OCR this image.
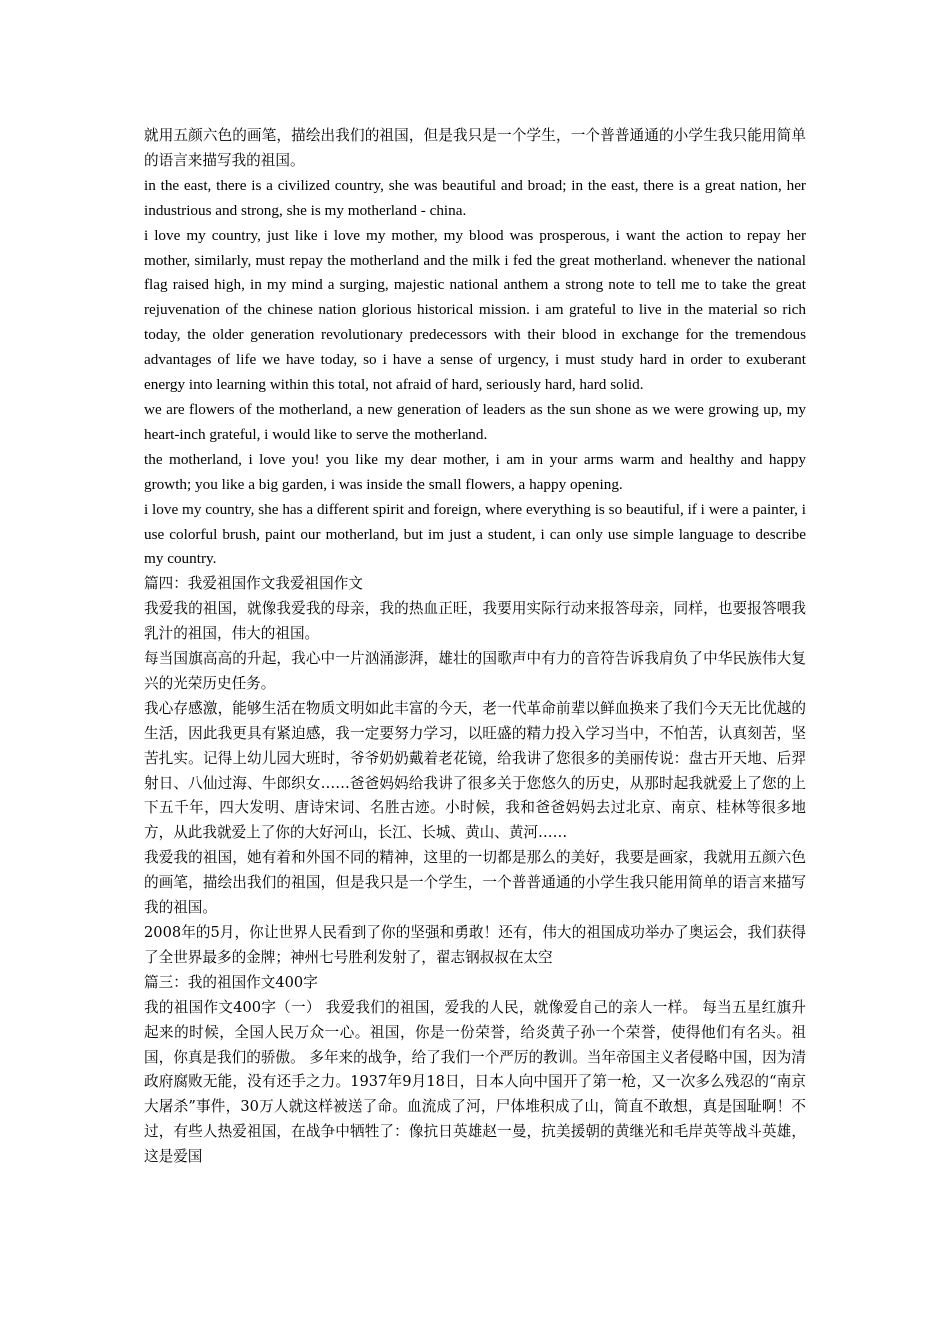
就用五颜六色的画笔，描绘出我们的祖国，但是我只是一个学生，一个普普通通的小学生我只能用简单的语言来描写我的祖国。

in the east, there is a civilized country, she was beautiful and broad; in the east, there is a great nation, her industrious and strong, she is my motherland - china.

i love my country, just like i love my mother, my blood was prosperous, i want the action to repay her mother, similarly, must repay the motherland and the milk i fed the great motherland. whenever the national flag raised high, in my mind a surging, majestic national anthem a strong note to tell me to take the great rejuvenation of the chinese nation glorious historical mission. i am grateful to live in the material so rich today, the older generation revolutionary predecessors with their blood in exchange for the tremendous advantages of life we have today, so i have a sense of urgency, i must study hard in order to exuberant energy into learning within this total, not afraid of hard, seriously hard, hard solid.

we are flowers of the motherland, a new generation of leaders as the sun shone as we were growing up, my heart-inch grateful, i would like to serve the motherland.

the motherland, i love you! you like my dear mother, i am in your arms warm and healthy and happy growth; you like a big garden, i was inside the small flowers, a happy opening.

i love my country, she has a different spirit and foreign, where everything is so beautiful, if i were a painter, i use colorful brush, paint our motherland, but im just a student, i can only use simple language to describe my country.

篇四：我爱祖国作文我爱祖国作文

我爱我的祖国，就像我爱我的母亲，我的热血正旺，我要用实际行动来报答母亲，同样，也要报答喂我乳汁的祖国，伟大的祖国。

每当国旗高高的升起，我心中一片汹涌澎湃，雄壮的国歌声中有力的音符告诉我肩负了中华民族伟大复兴的光荣历史任务。

我心存感激，能够生活在物质文明如此丰富的今天，老一代革命前辈以鲜血换来了我们今天无比优越的生活，因此我更具有紧迫感，我一定要努力学习，以旺盛的精力投入学习当中，不怕苦，认真刻苦，坚苦扎实。记得上幼儿园大班时，爷爷奶奶戴着老花镜，给我讲了您很多的美丽传说：盘古开天地、后羿射日、八仙过海、牛郎织女……爸爸妈妈给我讲了很多关于您悠久的历史，从那时起我就爱上了您的上下五千年，四大发明、唐诗宋词、名胜古迹。小时候，我和爸爸妈妈去过北京、南京、桂林等很多地方，从此我就爱上了你的大好河山，长江、长城、黄山、黄河……

我爱我的祖国，她有着和外国不同的精神，这里的一切都是那么的美好，我要是画家，我就用五颜六色的画笔，描绘出我们的祖国，但是我只是一个学生，一个普普通通的小学生我只能用简单的语言来描写我的祖国。

2008年的5月，你让世界人民看到了你的坚强和勇敢！还有，伟大的祖国成功举办了奥运会，我们获得了全世界最多的金牌；神州七号胜利发射了，翟志钢叔叔在太空

篇三：我的祖国作文400字

我的祖国作文400字（一） 我爱我们的祖国，爱我的人民，就像爱自己的亲人一样。 每当五星红旗升起来的时候，全国人民万众一心。祖国，你是一份荣誉，给炎黄子孙一个荣誉，使得他们有名头。祖国，你真是我们的骄傲。 多年来的战争，给了我们一个严厉的教训。当年帝国主义者侵略中国，因为清政府腐败无能，没有还手之力。1937年9月18日，日本人向中国开了第一枪，又一次多么残忍的“南京大屠杀”事件，30万人就这样被送了命。血流成了河，尸体堆积成了山，简直不敢想，真是国耻啊！不过，有些人热爱祖国，在战争中牺牲了：像抗日英雄赵一曼，抗美援朝的黄继光和毛岸英等战斗英雄，这是爱国
